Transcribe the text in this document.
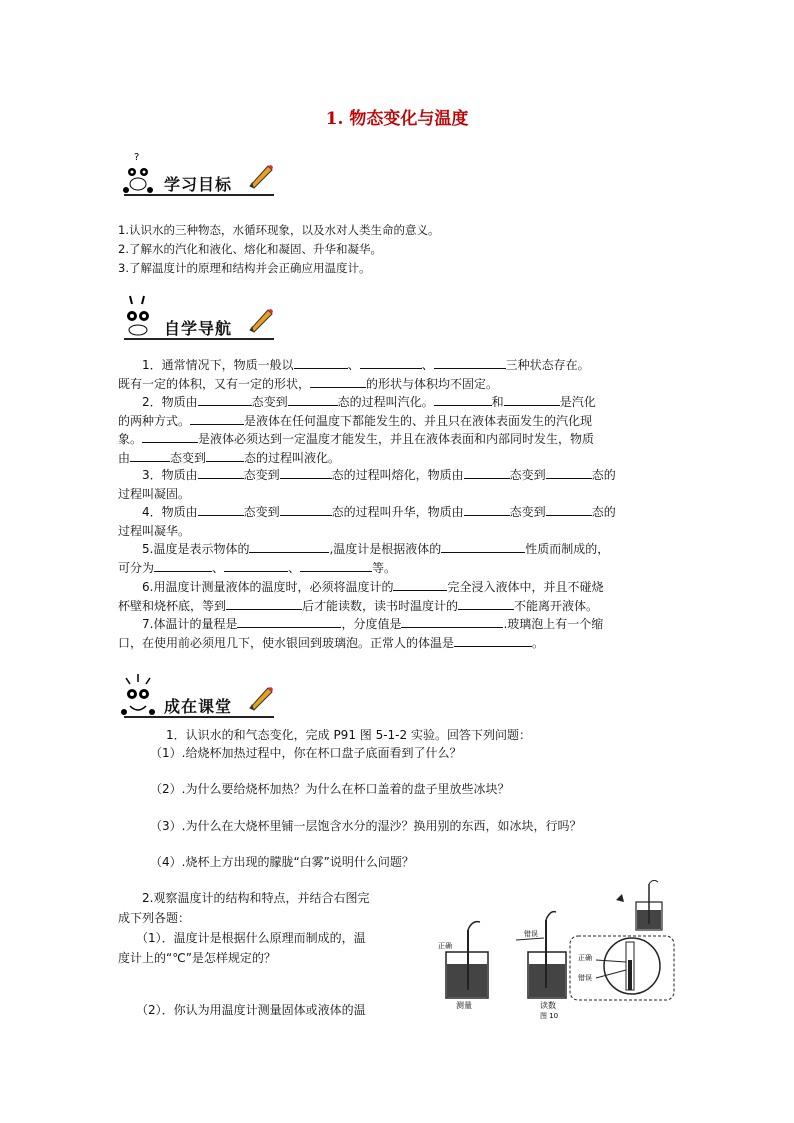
1. 物态变化与温度
?
学习目标
1.认识水的三种物态，水循环现象，以及水对人类生命的意义。
2.了解水的汽化和液化、熔化和凝固、升华和凝华。
3.了解温度计的原理和结构并会正确应用温度计。
自学导航
　　1．通常情况下，物质一般以	、	、	三种状态存在。
既有一定的体积，又有一定的形状，	的形状与体积均不固定。
　　2．物质由	态变到	态的过程叫汽化。	和	是汽化
的两种方式。	是液体在任何温度下都能发生的、并且只在液体表面发生的汽化现
象。	是液体必须达到一定温度才能发生，并且在液体表面和内部同时发生，物质
由	态变到	态的过程叫液化。
　　3．物质由	态变到	态的过程叫熔化，物质由	态变到	态的
过程叫凝固。
　　4．物质由	态变到	态的过程叫升华，物质由	态变到	态的
过程叫凝华。
　　5.温度是表示物体的	,温度计是根据液体的	性质而制成的，
可分为	、	、	等。
　　6.用温度计测量液体的温度时，必须将温度计的	完全浸入液体中，并且不碰烧
杯壁和烧杯底，等到	后才能读数，读书时温度计的	不能离开液体。
　　7.体温计的量程是	，分度值是	.玻璃泡上有一个缩
口，在使用前必须甩几下，使水银回到玻璃泡。正常人的体温是	。
成在课堂
1．认识水的和气态变化，完成 P91 图 5-1-2 实验。回答下列问题：
（1）.给烧杯加热过程中，你在杯口盘子底面看到了什么？
（2）.为什么要给烧杯加热？为什么在杯口盖着的盘子里放些冰块？
（3）.为什么在大烧杯里铺一层饱含水分的湿沙？换用别的东西，如冰块，行吗？
（4）.烧杯上方出现的朦胧“白雾”说明什么问题？
　　2.观察温度计的结构和特点，并结合右图完
成下列各题：
　　（1）．温度计是根据什么原理而制成的，温
度计上的“℃”是怎样规定的？
　　（2）．你认为用温度计测量固体或液体的温
正确
测量
错误
读数
图 10
正确
错误
